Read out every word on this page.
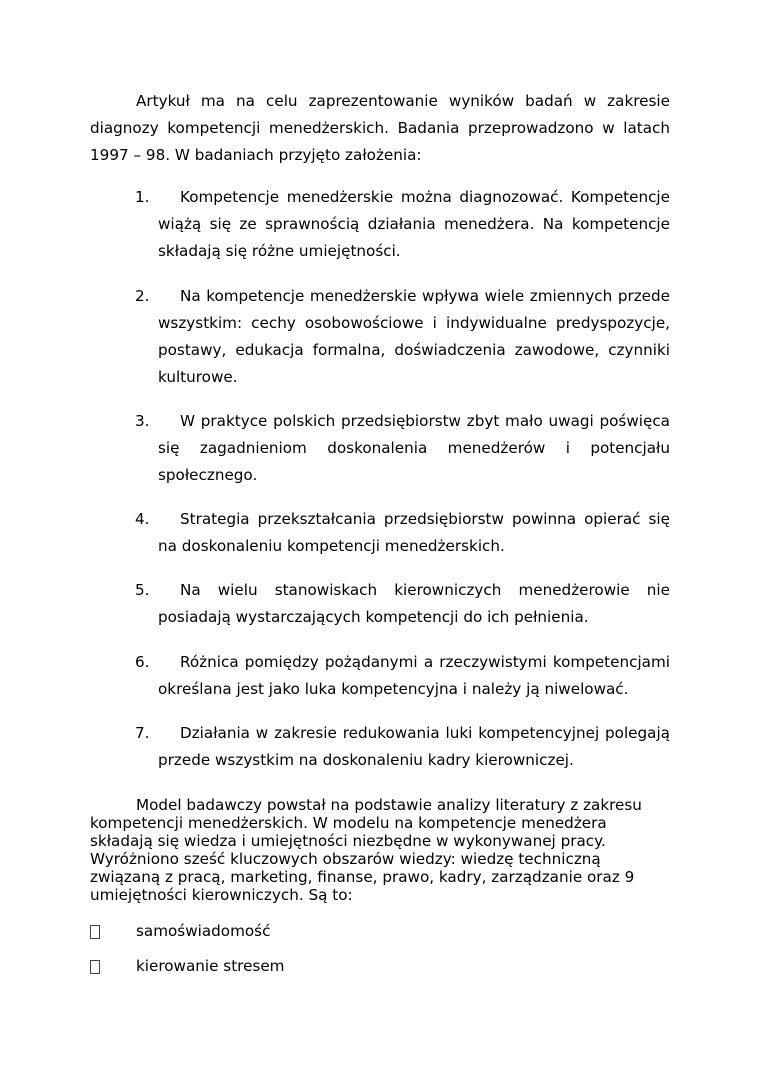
Artykuł ma na celu zaprezentowanie wyników badań w zakresie diagnozy kompetencji menedżerskich. Badania przeprowadzono w latach 1997 – 98. W badaniach przyjęto założenia:

1.	Kompetencje menedżerskie można diagnozować. Kompetencje wiążą się ze sprawnością działania menedżera. Na kompetencje składają się różne umiejętności.
2.	Na kompetencje menedżerskie wpływa wiele zmiennych przede wszystkim: cechy osobowościowe i indywidualne predyspozycje, postawy, edukacja formalna, doświadczenia zawodowe, czynniki kulturowe.
3.	W praktyce polskich przedsiębiorstw zbyt mało uwagi poświęca się zagadnieniom doskonalenia menedżerów i potencjału społecznego.
4.	Strategia przekształcania przedsiębiorstw powinna opierać się na doskonaleniu kompetencji menedżerskich.
5.	Na wielu stanowiskach kierowniczych menedżerowie nie posiadają wystarczających kompetencji do ich pełnienia.
6.	Różnica pomiędzy pożądanymi a rzeczywistymi kompetencjami określana jest jako luka kompetencyjna i należy ją niwelować.
7.	Działania w zakresie redukowania luki kompetencyjnej polegają przede wszystkim na doskonaleniu kadry kierowniczej.

Model badawczy powstał na podstawie analizy literatury z zakresu kompetencji menedżerskich. W modelu na kompetencje menedżera składają się wiedza i umiejętności niezbędne w wykonywanej pracy. Wyróżniono sześć kluczowych obszarów wiedzy: wiedzę techniczną związaną z pracą, marketing, finanse, prawo, kadry, zarządzanie oraz 9 umiejętności kierowniczych. Są to:

samoświadomość
kierowanie stresem
